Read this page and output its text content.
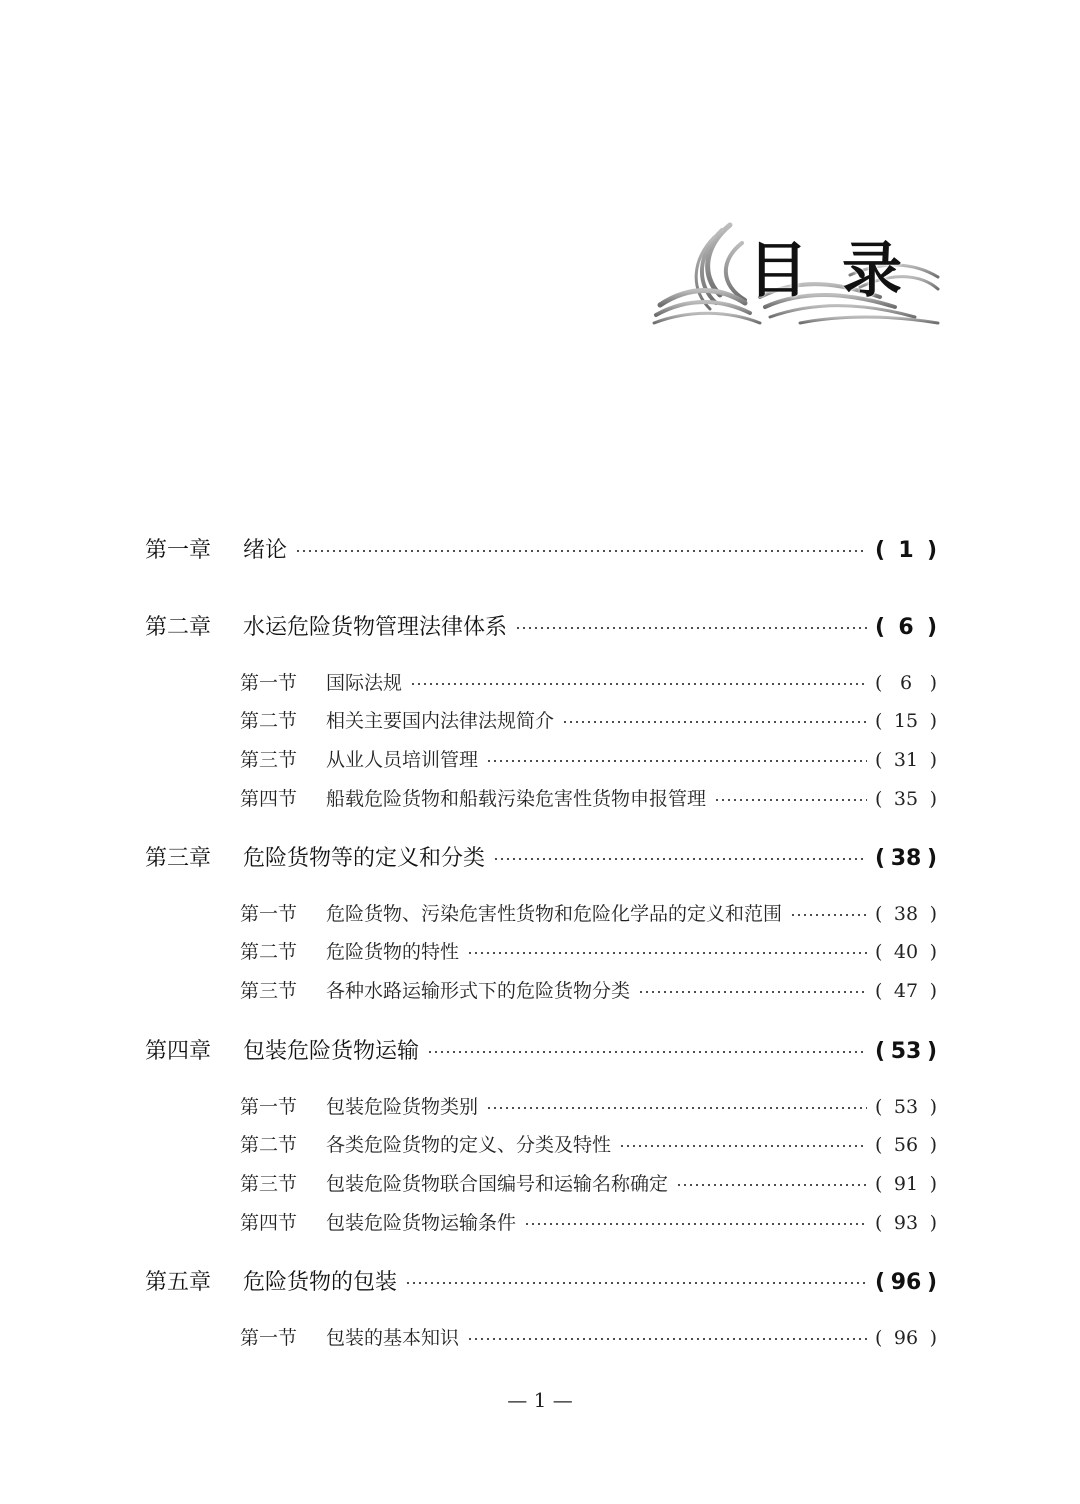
目录
第一章	绪论	( 1 )
第二章	水运危险货物管理法律体系	( 6 )
第一节	国际法规	( 6 )
第二节	相关主要国内法律法规简介	( 15 )
第三节	从业人员培训管理	( 31 )
第四节	船载危险货物和船载污染危害性货物申报管理	( 35 )
第三章	危险货物等的定义和分类	( 38 )
第一节	危险货物、污染危害性货物和危险化学品的定义和范围	( 38 )
第二节	危险货物的特性	( 40 )
第三节	各种水路运输形式下的危险货物分类	( 47 )
第四章	包装危险货物运输	( 53 )
第一节	包装危险货物类别	( 53 )
第二节	各类危险货物的定义、分类及特性	( 56 )
第三节	包装危险货物联合国编号和运输名称确定	( 91 )
第四节	包装危险货物运输条件	( 93 )
第五章	危险货物的包装	( 96 )
第一节	包装的基本知识	( 96 )
— 1 —
